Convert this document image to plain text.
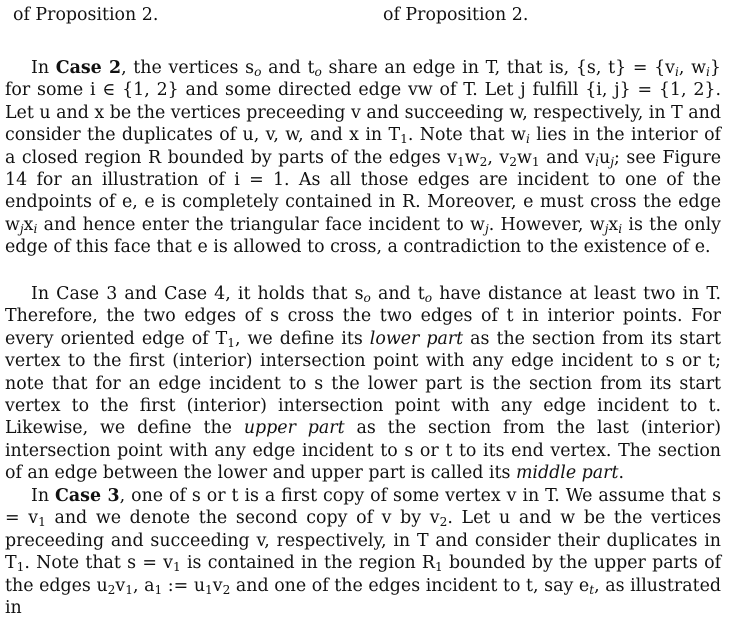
of Proposition 2.	of Proposition 2.

In Case 2, the vertices $s_o$ and $t_o$ share an edge in T, that is, {s, $t\} = \{v_i$, $w_i$} for some i ∈ {1, 2} and some directed edge vw of T. Let j fulfill {i, j} = {1, 2}. Let u and x be the vertices preceeding v and succeeding w, respectively, in T and consider the duplicates of u, v, w, and x in $T_1$. Note that $w_i$ lies in the interior of a closed region R bounded by parts of the edges $v_1w_2$, $v_2w_1$ and $v_iu_j$; see Figure 14 for an illustration of i = 1. As all those edges are incident to one of the endpoints of e, e is completely contained in R. Moreover, e must cross the edge $w_jx_i$ and hence enter the triangular face incident to $w_j$. However, $w_jx_i$ is the only edge of this face that e is allowed to cross, a contradiction to the existence of e.

In Case 3 and Case 4, it holds that $s_o$ and $t_o$ have distance at least two in T. Therefore, the two edges of s cross the two edges of t in interior points. For every oriented edge of $T_1$, we define its lower part as the section from its start vertex to the first (interior) intersection point with any edge incident to s or t; note that for an edge incident to s the lower part is the section from its start vertex to the first (interior) intersection point with any edge incident to t. Likewise, we define the upper part as the section from the last (interior) intersection point with any edge incident to s or t to its end vertex. The section of an edge between the lower and upper part is called its middle part.

In Case 3, one of s or t is a first copy of some vertex v in T. We assume that $s = v_1$ and we denote the second copy of v by $v_2$. Let u and w be the vertices preceeding and succeeding v, respectively, in T and consider their duplicates in $T_1$. Note that $s = v_1$ is contained in the region $R_1$ bounded by the upper parts of the edges $u_2v_1$, $a_1$ := $u_1v_2$ and one of the edges incident to t, say $e_t$, as illustrated in
